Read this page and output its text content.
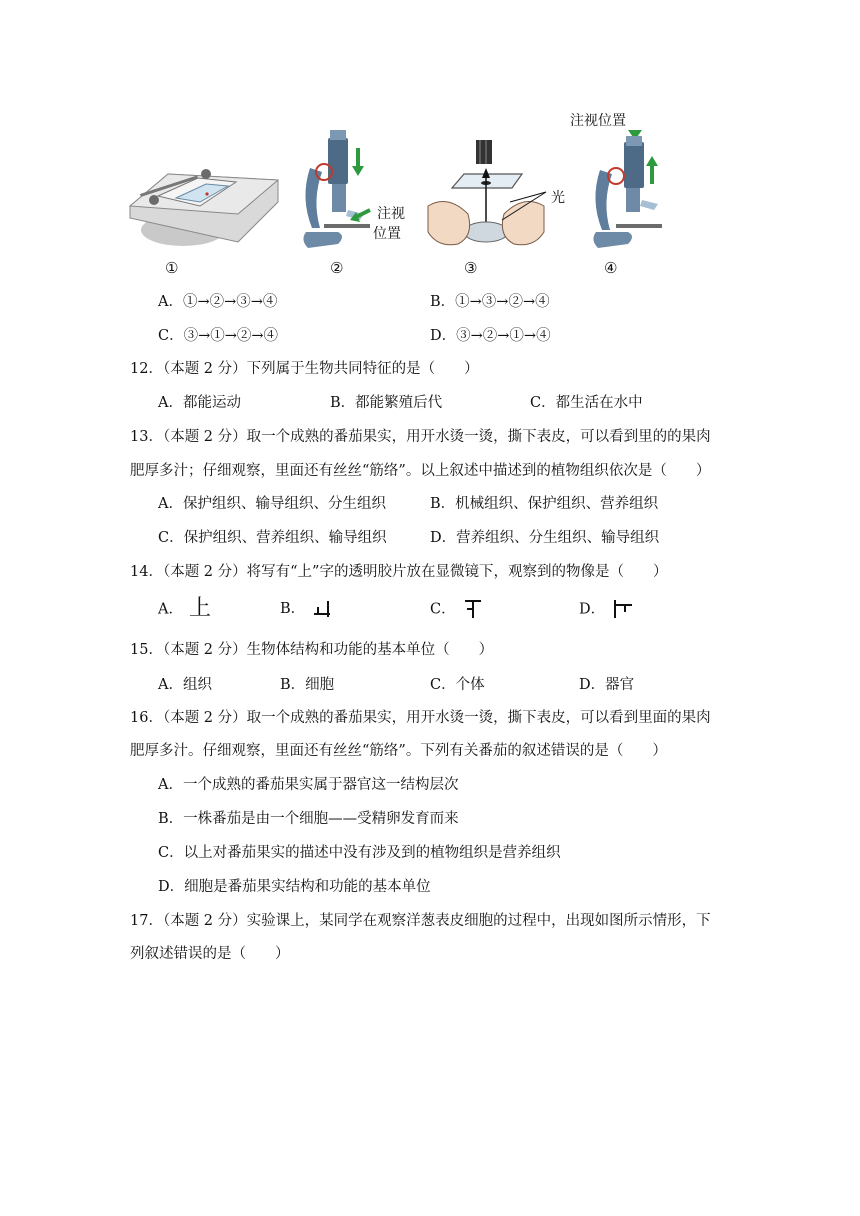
①
注视
位置
②
光
③
注视位置
④
A．①→②→③→④	B．①→③→②→④
C．③→①→②→④	D．③→②→①→④
12．（本题 2 分）下列属于生物共同特征的是（　　）
A．都能运动	B．都能繁殖后代	C．都生活在水中
13．（本题 2 分）取一个成熟的番茄果实，用开水烫一烫，撕下表皮，可以看到里的的果肉
肥厚多汁；仔细观察，里面还有丝丝“筋络”。以上叙述中描述到的植物组织依次是（　　）
A．保护组织、输导组织、分生组织	B．机械组织、保护组织、营养组织
C．保护组织、营养组织、输导组织	D．营养组织、分生组织、输导组织
14．（本题 2 分）将写有“上”字的透明胶片放在显微镜下，观察到的物像是（　　）
A． 上	B．	C．	D．
15．（本题 2 分）生物体结构和功能的基本单位（　　）
A．组织	B．细胞	C．个体	D．器官
16．（本题 2 分）取一个成熟的番茄果实，用开水烫一烫，撕下表皮，可以看到里面的果肉
肥厚多汁。仔细观察，里面还有丝丝“筋络”。下列有关番茄的叙述错误的是（　　）
A．一个成熟的番茄果实属于器官这一结构层次
B．一株番茄是由一个细胞——受精卵发育而来
C．以上对番茄果实的描述中没有涉及到的植物组织是营养组织
D．细胞是番茄果实结构和功能的基本单位
17．（本题 2 分）实验课上，某同学在观察洋葱表皮细胞的过程中，出现如图所示情形，下
列叙述错误的是（　　）
